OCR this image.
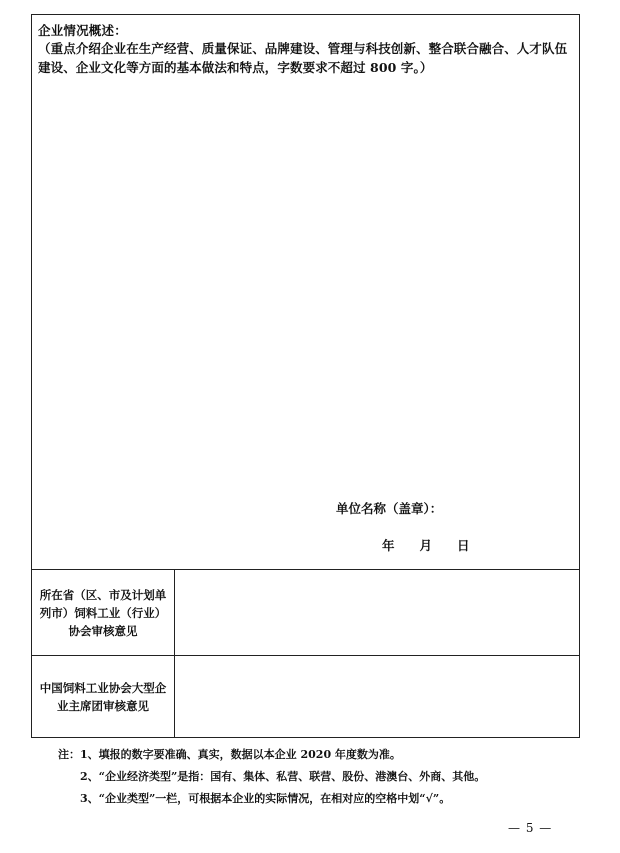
企业情况概述：
（重点介绍企业在生产经营、质量保证、品牌建设、管理与科技创新、整合联合融合、人才队伍建设、企业文化等方面的基本做法和特点，字数要求不超过 800 字。）
单位名称（盖章）：
年 月 日
所在省（区、市及计划单列市）饲料工业（行业）协会审核意见
中国饲料工业协会大型企业主席团审核意见
注：1、填报的数字要准确、真实，数据以本企业 2020 年度数为准。
2、“企业经济类型”是指：国有、集体、私营、联营、股份、港澳台、外商、其他。
3、“企业类型”一栏，可根据本企业的实际情况，在相对应的空格中划“√”。
— 5 —
